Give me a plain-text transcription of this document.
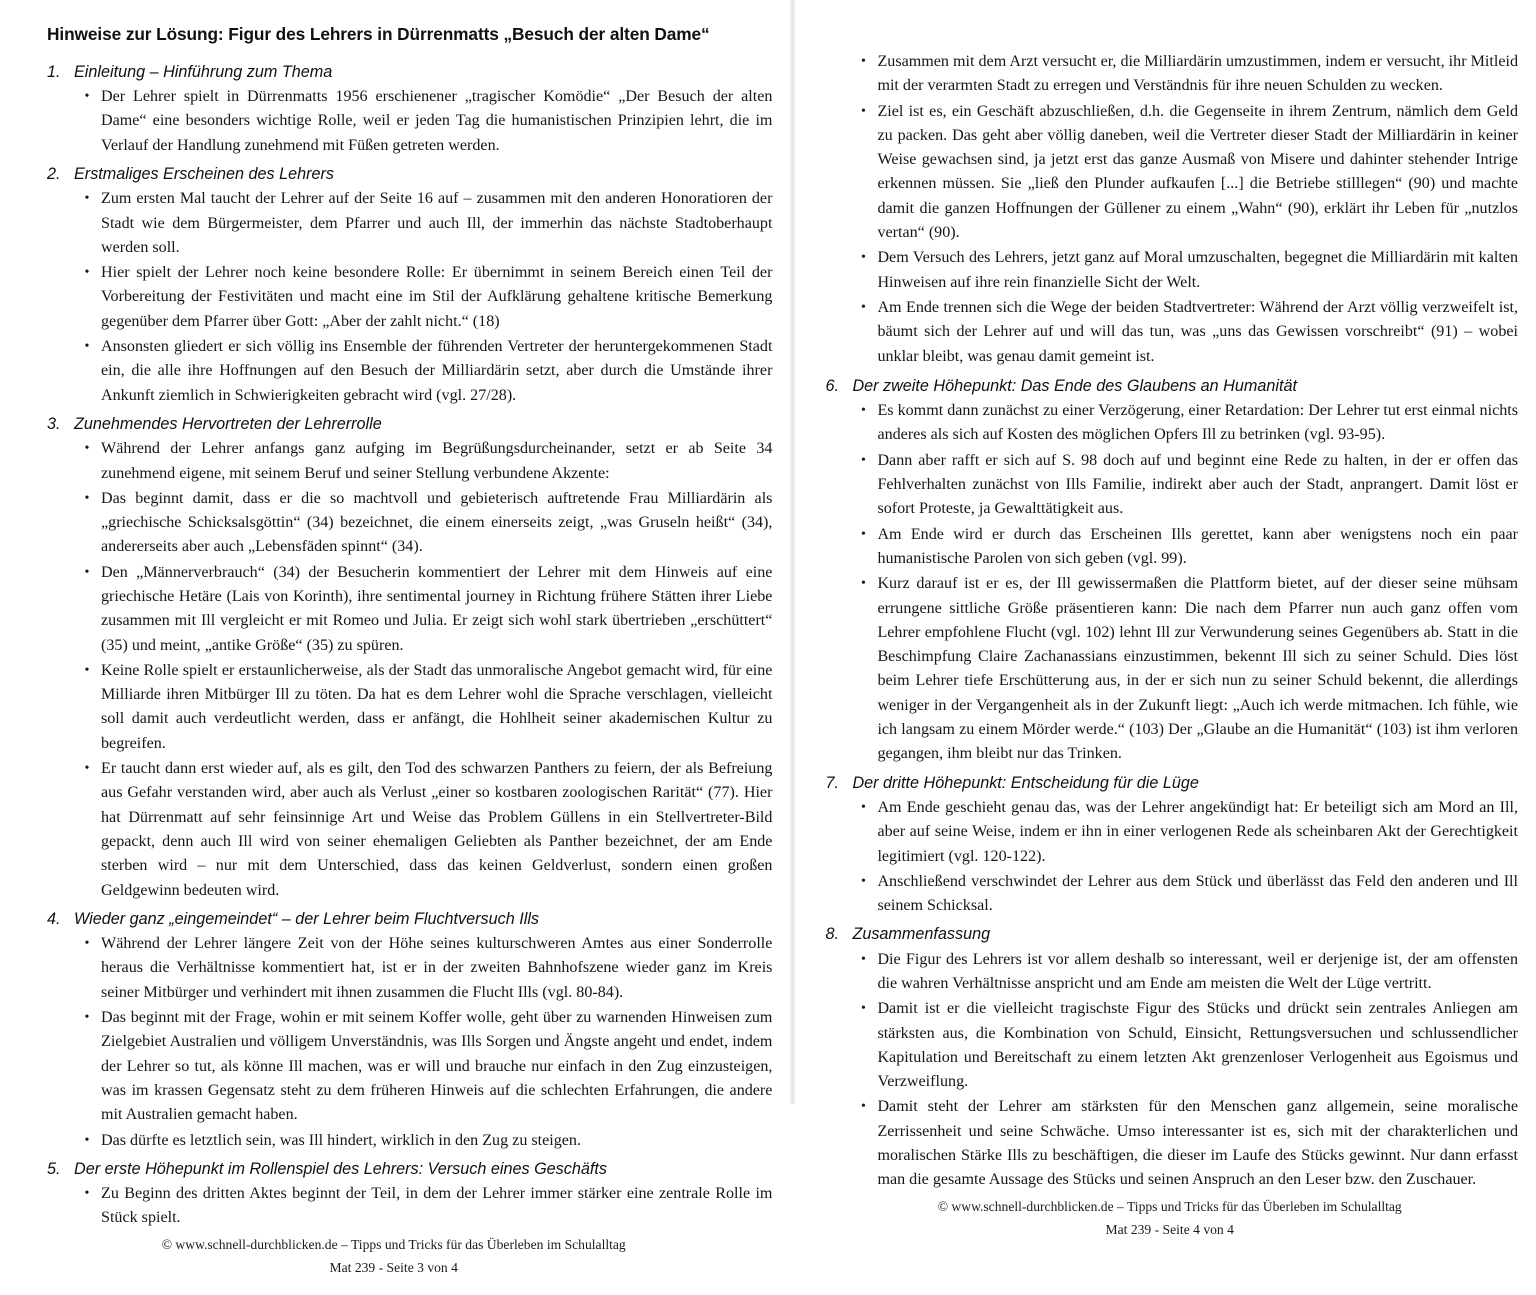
Hinweise zur Lösung: Figur des Lehrers in Dürrenmatts „Besuch der alten Dame“
1. Einleitung – Hinführung zum Thema
• Der Lehrer spielt in Dürrenmatts 1956 erschienener „tragischer Komödie“ „Der Besuch der alten Dame“ eine besonders wichtige Rolle, weil er jeden Tag die humanistischen Prinzipien lehrt, die im Verlauf der Handlung zunehmend mit Füßen getreten werden.
2. Erstmaliges Erscheinen des Lehrers
• Zum ersten Mal taucht der Lehrer auf der Seite 16 auf – zusammen mit den anderen Honoratioren der Stadt wie dem Bürgermeister, dem Pfarrer und auch Ill, der immerhin das nächste Stadtoberhaupt werden soll.
• Hier spielt der Lehrer noch keine besondere Rolle: Er übernimmt in seinem Bereich einen Teil der Vorbereitung der Festivitäten und macht eine im Stil der Aufklärung gehaltene kritische Bemerkung gegenüber dem Pfarrer über Gott: „Aber der zahlt nicht.“ (18)
• Ansonsten gliedert er sich völlig ins Ensemble der führenden Vertreter der heruntergekommenen Stadt ein, die alle ihre Hoffnungen auf den Besuch der Milliardärin setzt, aber durch die Umstände ihrer Ankunft ziemlich in Schwierigkeiten gebracht wird (vgl. 27/28).
3. Zunehmendes Hervortreten der Lehrerrolle
• Während der Lehrer anfangs ganz aufging im Begrüßungsdurcheinander, setzt er ab Seite 34 zunehmend eigene, mit seinem Beruf und seiner Stellung verbundene Akzente:
• Das beginnt damit, dass er die so machtvoll und gebieterisch auftretende Frau Milliardärin als „griechische Schicksalsgöttin“ (34) bezeichnet, die einem einerseits zeigt, „was Gruseln heißt“ (34), andererseits aber auch „Lebensfäden spinnt“ (34).
• Den „Männerverbrauch“ (34) der Besucherin kommentiert der Lehrer mit dem Hinweis auf eine griechische Hetäre (Lais von Korinth), ihre sentimental journey in Richtung frühere Stätten ihrer Liebe zusammen mit Ill vergleicht er mit Romeo und Julia. Er zeigt sich wohl stark übertrieben „erschüttert“ (35) und meint, „antike Größe“ (35) zu spüren.
• Keine Rolle spielt er erstaunlicherweise, als der Stadt das unmoralische Angebot gemacht wird, für eine Milliarde ihren Mitbürger Ill zu töten. Da hat es dem Lehrer wohl die Sprache verschlagen, vielleicht soll damit auch verdeutlicht werden, dass er anfängt, die Hohlheit seiner akademischen Kultur zu begreifen.
• Er taucht dann erst wieder auf, als es gilt, den Tod des schwarzen Panthers zu feiern, der als Befreiung aus Gefahr verstanden wird, aber auch als Verlust „einer so kostbaren zoologischen Rarität“ (77). Hier hat Dürrenmatt auf sehr feinsinnige Art und Weise das Problem Güllens in ein Stellvertreter-Bild gepackt, denn auch Ill wird von seiner ehemaligen Geliebten als Panther bezeichnet, der am Ende sterben wird – nur mit dem Unterschied, dass das keinen Geldverlust, sondern einen großen Geldgewinn bedeuten wird.
4. Wieder ganz „eingemeindet“ – der Lehrer beim Fluchtversuch Ills
• Während der Lehrer längere Zeit von der Höhe seines kulturschweren Amtes aus einer Sonderrolle heraus die Verhältnisse kommentiert hat, ist er in der zweiten Bahnhofszene wieder ganz im Kreis seiner Mitbürger und verhindert mit ihnen zusammen die Flucht Ills (vgl. 80-84).
• Das beginnt mit der Frage, wohin er mit seinem Koffer wolle, geht über zu warnenden Hinweisen zum Zielgebiet Australien und völligem Unverständnis, was Ills Sorgen und Ängste angeht und endet, indem der Lehrer so tut, als könne Ill machen, was er will und brauche nur einfach in den Zug einzusteigen, was im krassen Gegensatz steht zu dem früheren Hinweis auf die schlechten Erfahrungen, die andere mit Australien gemacht haben.
• Das dürfte es letztlich sein, was Ill hindert, wirklich in den Zug zu steigen.
5. Der erste Höhepunkt im Rollenspiel des Lehrers: Versuch eines Geschäfts
• Zu Beginn des dritten Aktes beginnt der Teil, in dem der Lehrer immer stärker eine zentrale Rolle im Stück spielt.
© www.schnell-durchblicken.de – Tipps und Tricks für das Überleben im Schulalltag
Mat 239 - Seite 3 von 4
• Zusammen mit dem Arzt versucht er, die Milliardärin umzustimmen, indem er versucht, ihr Mitleid mit der verarmten Stadt zu erregen und Verständnis für ihre neuen Schulden zu wecken.
• Ziel ist es, ein Geschäft abzuschließen, d.h. die Gegenseite in ihrem Zentrum, nämlich dem Geld zu packen. Das geht aber völlig daneben, weil die Vertreter dieser Stadt der Milliardärin in keiner Weise gewachsen sind, ja jetzt erst das ganze Ausmaß von Misere und dahinter stehender Intrige erkennen müssen. Sie „ließ den Plunder aufkaufen [...] die Betriebe stilllegen“ (90) und machte damit die ganzen Hoffnungen der Güllener zu einem „Wahn“ (90), erklärt ihr Leben für „nutzlos vertan“ (90).
• Dem Versuch des Lehrers, jetzt ganz auf Moral umzuschalten, begegnet die Milliardärin mit kalten Hinweisen auf ihre rein finanzielle Sicht der Welt.
• Am Ende trennen sich die Wege der beiden Stadtvertreter: Während der Arzt völlig verzweifelt ist, bäumt sich der Lehrer auf und will das tun, was „uns das Gewissen vorschreibt“ (91) – wobei unklar bleibt, was genau damit gemeint ist.
6. Der zweite Höhepunkt: Das Ende des Glaubens an Humanität
• Es kommt dann zunächst zu einer Verzögerung, einer Retardation: Der Lehrer tut erst einmal nichts anderes als sich auf Kosten des möglichen Opfers Ill zu betrinken (vgl. 93-95).
• Dann aber rafft er sich auf S. 98 doch auf und beginnt eine Rede zu halten, in der er offen das Fehlverhalten zunächst von Ills Familie, indirekt aber auch der Stadt, anprangert. Damit löst er sofort Proteste, ja Gewalttätigkeit aus.
• Am Ende wird er durch das Erscheinen Ills gerettet, kann aber wenigstens noch ein paar humanistische Parolen von sich geben (vgl. 99).
• Kurz darauf ist er es, der Ill gewissermaßen die Plattform bietet, auf der dieser seine mühsam errungene sittliche Größe präsentieren kann: Die nach dem Pfarrer nun auch ganz offen vom Lehrer empfohlene Flucht (vgl. 102) lehnt Ill zur Verwunderung seines Gegenübers ab. Statt in die Beschimpfung Claire Zachanassians einzustimmen, bekennt Ill sich zu seiner Schuld. Dies löst beim Lehrer tiefe Erschütterung aus, in der er sich nun zu seiner Schuld bekennt, die allerdings weniger in der Vergangenheit als in der Zukunft liegt: „Auch ich werde mitmachen. Ich fühle, wie ich langsam zu einem Mörder werde.“ (103) Der „Glaube an die Humanität“ (103) ist ihm verloren gegangen, ihm bleibt nur das Trinken.
7. Der dritte Höhepunkt: Entscheidung für die Lüge
• Am Ende geschieht genau das, was der Lehrer angekündigt hat: Er beteiligt sich am Mord an Ill, aber auf seine Weise, indem er ihn in einer verlogenen Rede als scheinbaren Akt der Gerechtigkeit legitimiert (vgl. 120-122).
• Anschließend verschwindet der Lehrer aus dem Stück und überlässt das Feld den anderen und Ill seinem Schicksal.
8. Zusammenfassung
• Die Figur des Lehrers ist vor allem deshalb so interessant, weil er derjenige ist, der am offensten die wahren Verhältnisse anspricht und am Ende am meisten die Welt der Lüge vertritt.
• Damit ist er die vielleicht tragischste Figur des Stücks und drückt sein zentrales Anliegen am stärksten aus, die Kombination von Schuld, Einsicht, Rettungsversuchen und schlussendlicher Kapitulation und Bereitschaft zu einem letzten Akt grenzenloser Verlogenheit aus Egoismus und Verzweiflung.
• Damit steht der Lehrer am stärksten für den Menschen ganz allgemein, seine moralische Zerrissenheit und seine Schwäche. Umso interessanter ist es, sich mit der charakterlichen und moralischen Stärke Ills zu beschäftigen, die dieser im Laufe des Stücks gewinnt. Nur dann erfasst man die gesamte Aussage des Stücks und seinen Anspruch an den Leser bzw. den Zuschauer.
© www.schnell-durchblicken.de – Tipps und Tricks für das Überleben im Schulalltag
Mat 239 - Seite 4 von 4
